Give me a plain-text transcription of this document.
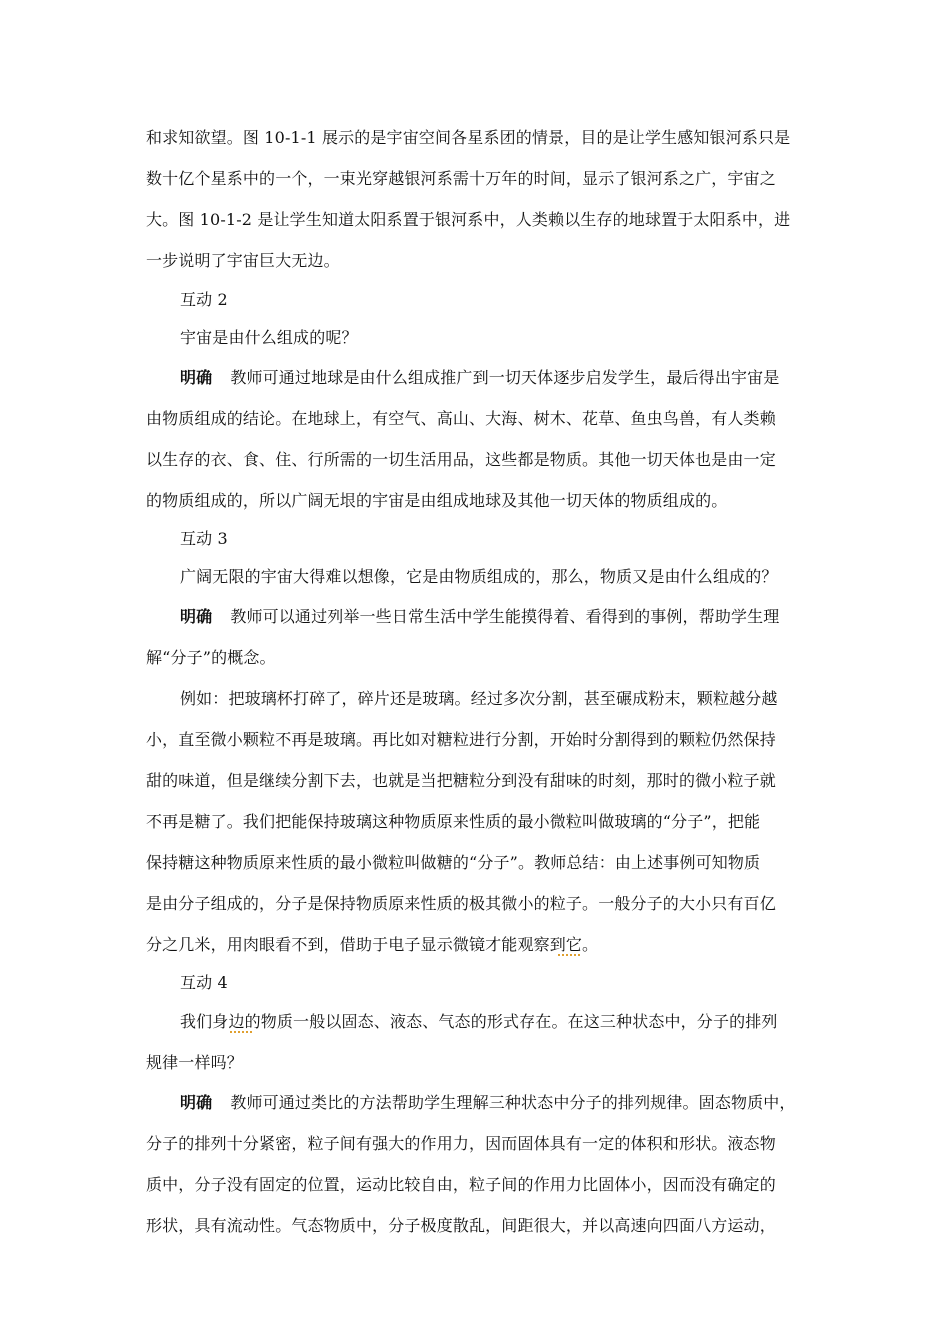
和求知欲望。图 10-1-1 展示的是宇宙空间各星系团的情景，目的是让学生感知银河系只是
数十亿个星系中的一个，一束光穿越银河系需十万年的时间，显示了银河系之广，宇宙之
大。图 10-1-2 是让学生知道太阳系置于银河系中，人类赖以生存的地球置于太阳系中，进
一步说明了宇宙巨大无边。
互动 2
宇宙是由什么组成的呢？
明确 教师可通过地球是由什么组成推广到一切天体逐步启发学生，最后得出宇宙是
由物质组成的结论。在地球上，有空气、高山、大海、树木、花草、鱼虫鸟兽，有人类赖
以生存的衣、食、住、行所需的一切生活用品，这些都是物质。其他一切天体也是由一定
的物质组成的，所以广阔无垠的宇宙是由组成地球及其他一切天体的物质组成的。
互动 3
广阔无限的宇宙大得难以想像，它是由物质组成的，那么，物质又是由什么组成的？
明确 教师可以通过列举一些日常生活中学生能摸得着、看得到的事例，帮助学生理
解“分子”的概念。
例如：把玻璃杯打碎了，碎片还是玻璃。经过多次分割，甚至碾成粉末，颗粒越分越
小，直至微小颗粒不再是玻璃。再比如对糖粒进行分割，开始时分割得到的颗粒仍然保持
甜的味道，但是继续分割下去，也就是当把糖粒分到没有甜味的时刻，那时的微小粒子就
不再是糖了。我们把能保持玻璃这种物质原来性质的最小微粒叫做玻璃的“分子”，把能
保持糖这种物质原来性质的最小微粒叫做糖的“分子”。教师总结：由上述事例可知物质
是由分子组成的，分子是保持物质原来性质的极其微小的粒子。一般分子的大小只有百亿
分之几米，用肉眼看不到，借助于电子显示微镜才能观察到它。
互动 4
我们身边的物质一般以固态、液态、气态的形式存在。在这三种状态中，分子的排列
规律一样吗？
明确 教师可通过类比的方法帮助学生理解三种状态中分子的排列规律。固态物质中，
分子的排列十分紧密，粒子间有强大的作用力，因而固体具有一定的体积和形状。液态物
质中，分子没有固定的位置，运动比较自由，粒子间的作用力比固体小，因而没有确定的
形状，具有流动性。气态物质中，分子极度散乱，间距很大，并以高速向四面八方运动，
